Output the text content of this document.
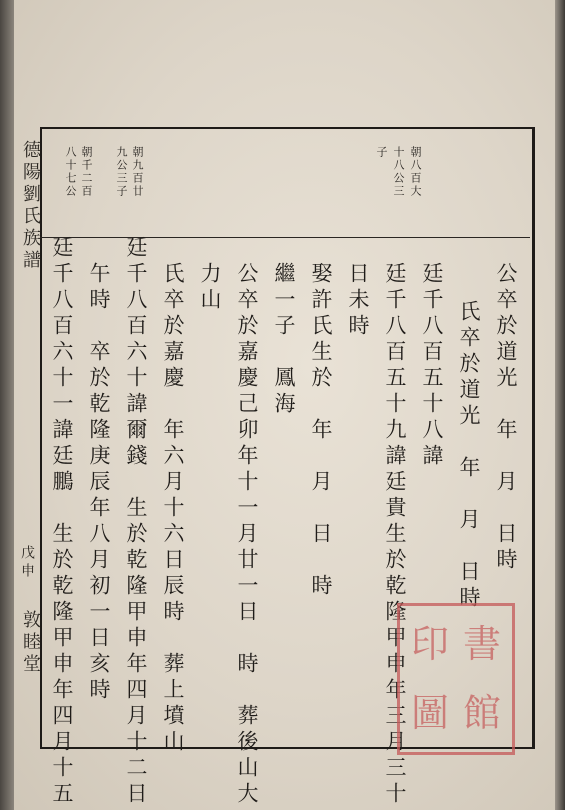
德陽劉氏族譜
戊申
敦睦堂
朝八百大
十八公三
子
朝九百廿
九公三子
朝千二百
八十七公
公卒於道光　年　月　日時
氏卒於道光　年　月　日時
廷千八百五十八諱
廷千八百五十九諱廷貴生於乾隆甲申年三月三十
日未時
娶許氏生於　年　月　日　時
繼一子　鳳海
公卒於嘉慶己卯年十一月廿一日　時　葬後山大
力山
氏卒於嘉慶　年六月十六日辰時　葬上墳山
廷千八百六十諱爾錢　生於乾隆甲申年四月十二日
午時　卒於乾隆庚辰年八月初一日亥時
廷千八百六十一諱廷鵬　生於乾隆甲申年四月十五	印 書
圖 館
